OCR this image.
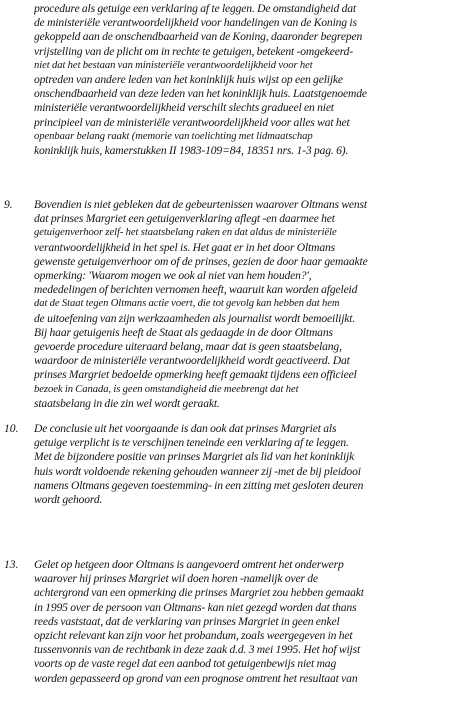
procedure als getuige een verklaring af te leggen. De omstandigheid dat
de ministeriële verantwoordelijkheid voor handelingen van de Koning is
gekoppeld aan de onschendbaarheid van de Koning, daaronder begrepen
vrijstelling van de plicht om in rechte te getuigen, betekent -omgekeerd-
niet dat het bestaan van ministeriële verantwoordelijkheid voor het
optreden van andere leden van het koninklijk huis wijst op een gelijke
onschendbaarheid van deze leden van het koninklijk huis. Laatstgenoemde
ministeriële verantwoordelijkheid verschilt slechts gradueel en niet
principieel van de ministeriële verantwoordelijkheid voor alles wat het
openbaar belang raakt (memorie van toelichting met lidmaatschap
koninklijk huis, kamerstukken II 1983-109=84, 18351 nrs. 1-3 pag. 6).
9. Bovendien is niet gebleken dat de gebeurtenissen waarover Oltmans wenst
dat prinses Margriet een getuigenverklaring aflegt -en daarmee het
getuigenverhoor zelf- het staatsbelang raken en dat aldus de ministeriële
verantwoordelijkheid in het spel is. Het gaat er in het door Oltmans
gewenste getuigenverhoor om of de prinses, gezien de door haar gemaakte
opmerking: 'Waarom mogen we ook al niet van hem houden?',
mededelingen of berichten vernomen heeft, waaruit kan worden afgeleid
dat de Staat tegen Oltmans actie voert, die tot gevolg kan hebben dat hem
de uitoefening van zijn werkzaamheden als journalist wordt bemoeilijkt.
Bij haar getuigenis heeft de Staat als gedaagde in de door Oltmans
gevoerde procedure uiteraard belang, maar dat is geen staatsbelang,
waardoor de ministeriële verantwoordelijkheid wordt geactiveerd. Dat
prinses Margriet bedoelde opmerking heeft gemaakt tijdens een officieel
bezoek in Canada, is geen omstandigheid die meebrengt dat het
staatsbelang in die zin wel wordt geraakt.
10. De conclusie uit het voorgaande is dan ook dat prinses Margriet als
getuige verplicht is te verschijnen teneinde een verklaring af te leggen.
Met de bijzondere positie van prinses Margriet als lid van het koninklijk
huis wordt voldoende rekening gehouden wanneer zij -met de bij pleidooi
namens Oltmans gegeven toestemming- in een zitting met gesloten deuren
wordt gehoord.
13. Gelet op hetgeen door Oltmans is aangevoerd omtrent het onderwerp
waarover hij prinses Margriet wil doen horen -namelijk over de
achtergrond van een opmerking die prinses Margriet zou hebben gemaakt
in 1995 over de persoon van Oltmans- kan niet gezegd worden dat thans
reeds vaststaat, dat de verklaring van prinses Margriet in geen enkel
opzicht relevant kan zijn voor het probandum, zoals weergegeven in het
tussenvonnis van de rechtbank in deze zaak d.d. 3 mei 1995. Het hof wijst
voorts op de vaste regel dat een aanbod tot getuigenbewijs niet mag
worden gepasseerd op grond van een prognose omtrent het resultaat van
